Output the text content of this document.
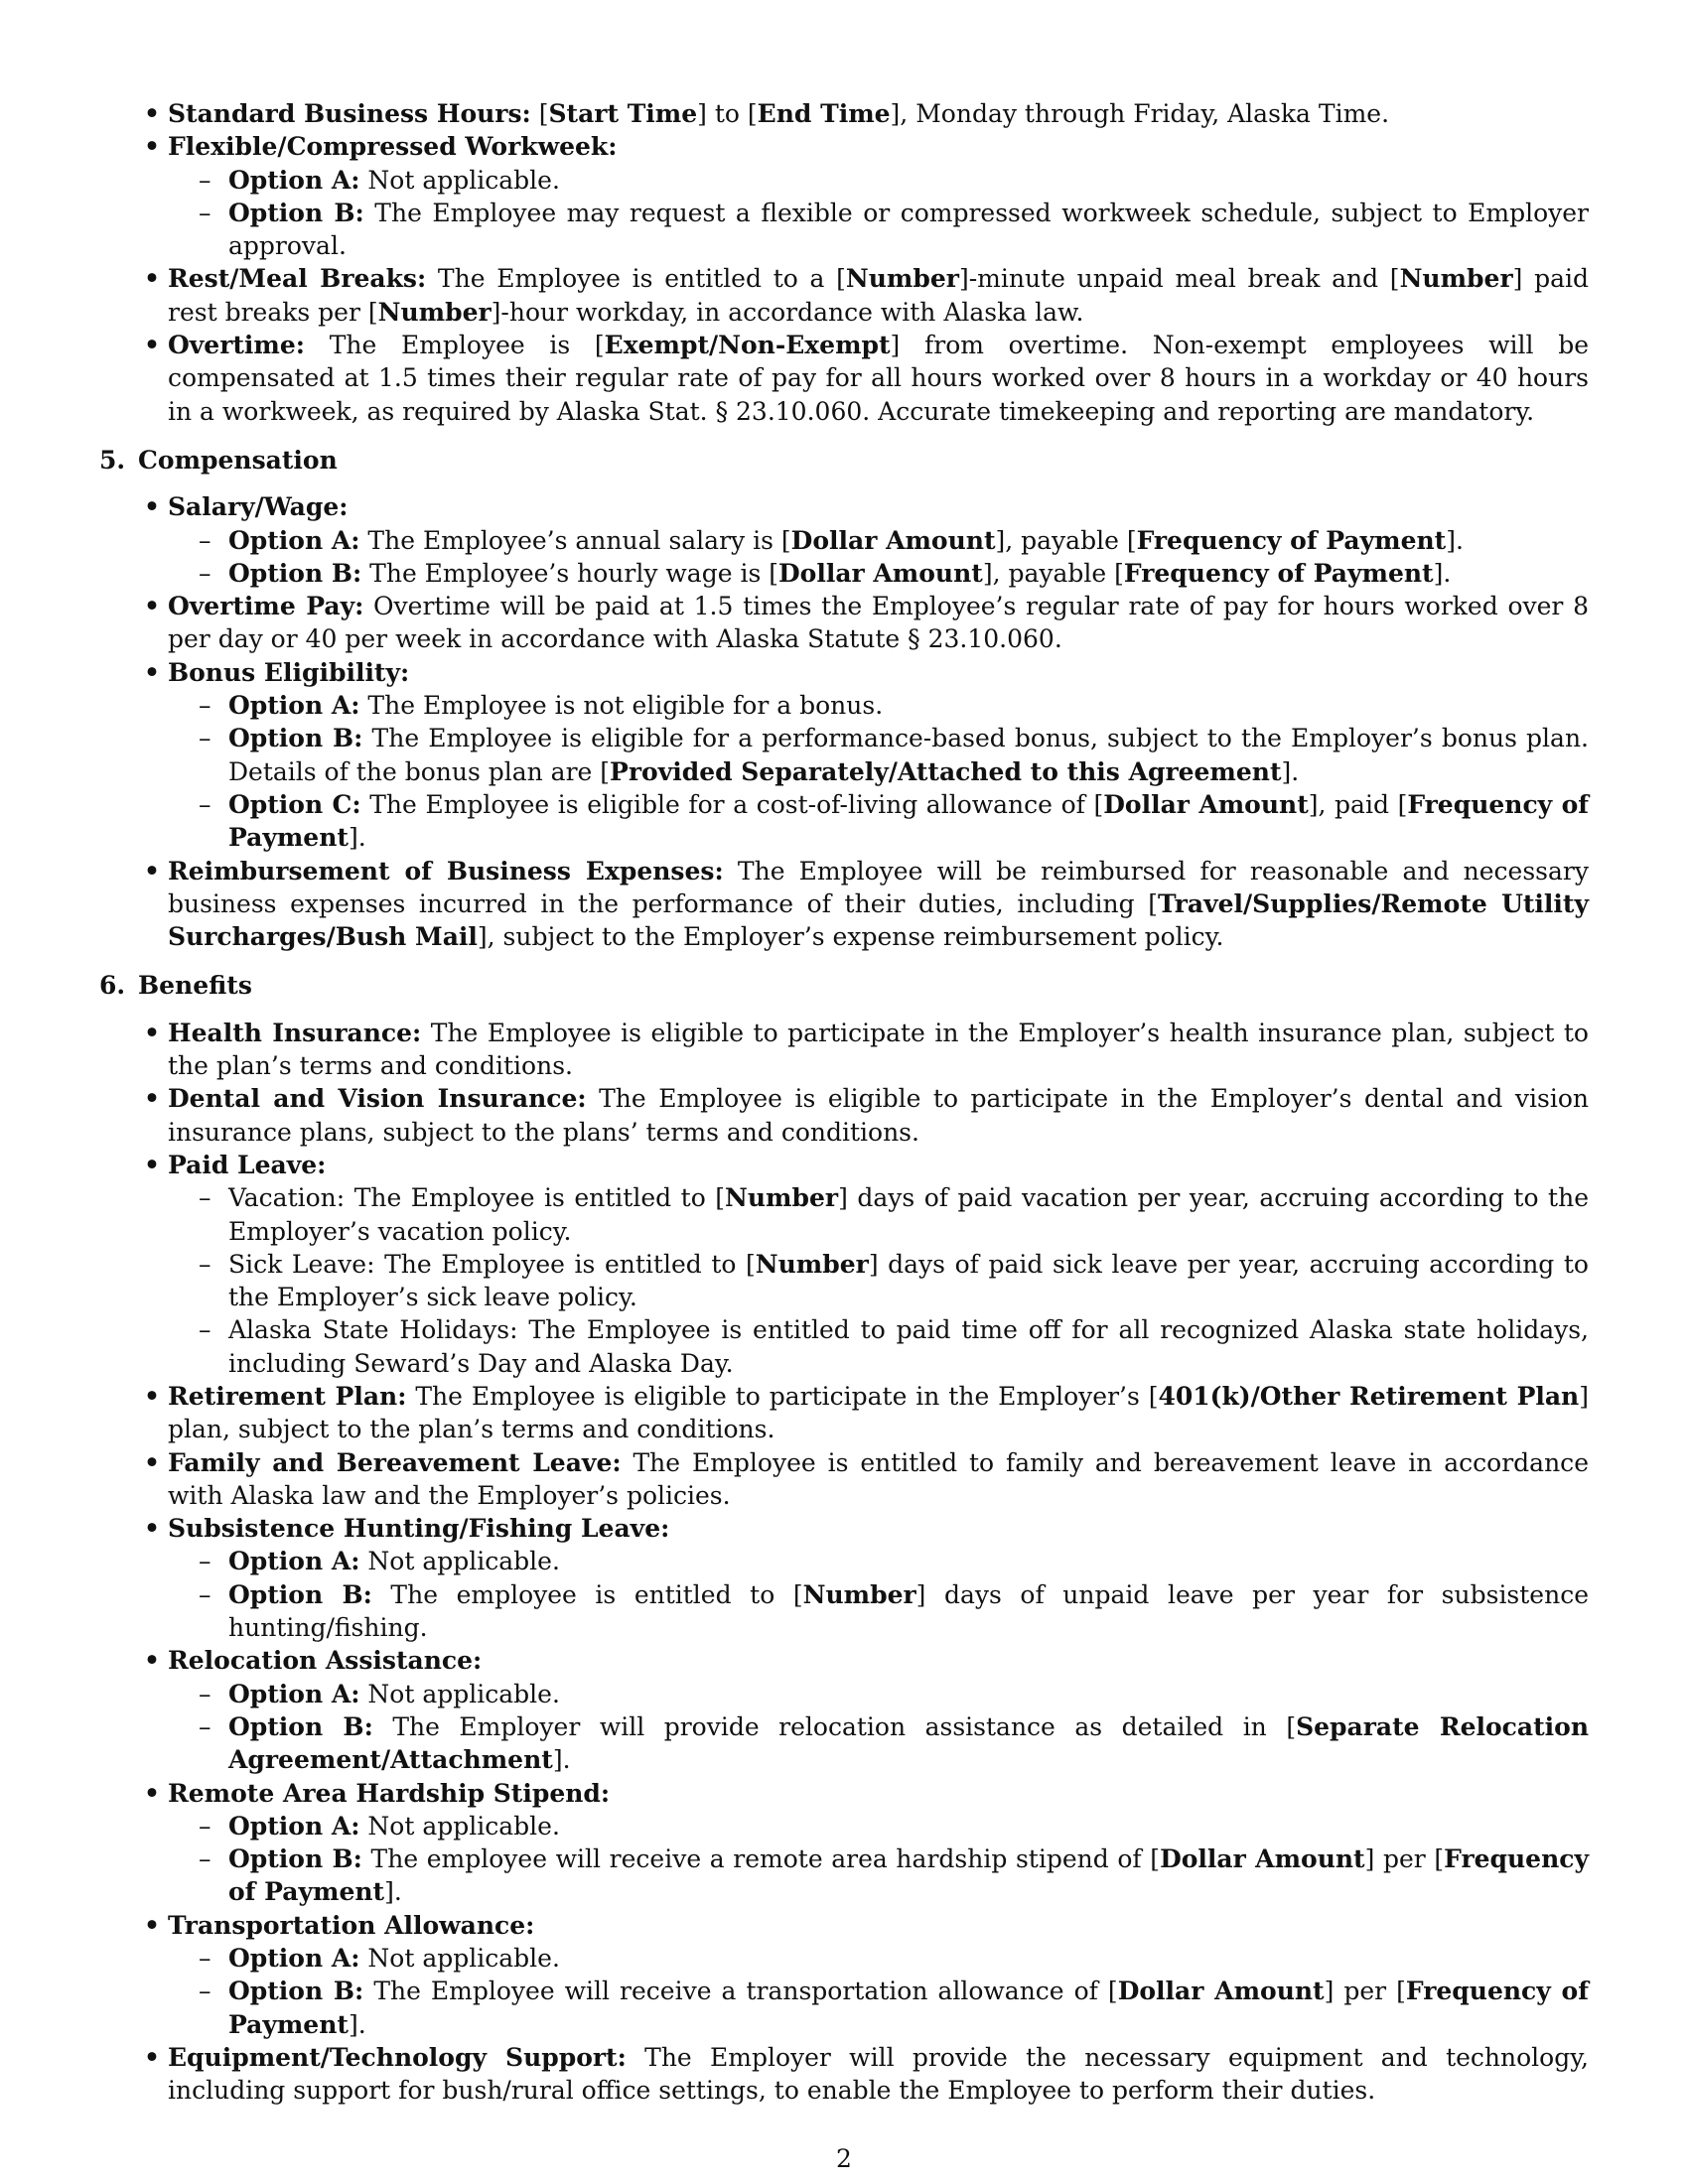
• Standard Business Hours: [Start Time] to [End Time], Monday through Friday, Alaska Time.
• Flexible/Compressed Workweek:
– Option A: Not applicable.
– Option B: The Employee may request a flexible or compressed workweek schedule, subject to Employer approval.
• Rest/Meal Breaks: The Employee is entitled to a [Number]-minute unpaid meal break and [Number] paid rest breaks per [Number]-hour workday, in accordance with Alaska law.
• Overtime: The Employee is [Exempt/Non-Exempt] from overtime. Non-exempt employees will be compensated at 1.5 times their regular rate of pay for all hours worked over 8 hours in a workday or 40 hours in a workweek, as required by Alaska Stat. § 23.10.060. Accurate timekeeping and reporting are mandatory.
5. Compensation
• Salary/Wage:
– Option A: The Employee’s annual salary is [Dollar Amount], payable [Frequency of Payment].
– Option B: The Employee’s hourly wage is [Dollar Amount], payable [Frequency of Payment].
• Overtime Pay: Overtime will be paid at 1.5 times the Employee’s regular rate of pay for hours worked over 8 per day or 40 per week in accordance with Alaska Statute § 23.10.060.
• Bonus Eligibility:
– Option A: The Employee is not eligible for a bonus.
– Option B: The Employee is eligible for a performance-based bonus, subject to the Employer’s bonus plan. Details of the bonus plan are [Provided Separately/Attached to this Agreement].
– Option C: The Employee is eligible for a cost-of-living allowance of [Dollar Amount], paid [Frequency of Payment].
• Reimbursement of Business Expenses: The Employee will be reimbursed for reasonable and necessary business expenses incurred in the performance of their duties, including [Travel/Supplies/Remote Utility Surcharges/Bush Mail], subject to the Employer’s expense reimbursement policy.
6. Benefits
• Health Insurance: The Employee is eligible to participate in the Employer’s health insurance plan, subject to the plan’s terms and conditions.
• Dental and Vision Insurance: The Employee is eligible to participate in the Employer’s dental and vision insurance plans, subject to the plans’ terms and conditions.
• Paid Leave:
– Vacation: The Employee is entitled to [Number] days of paid vacation per year, accruing according to the Employer’s vacation policy.
– Sick Leave: The Employee is entitled to [Number] days of paid sick leave per year, accruing according to the Employer’s sick leave policy.
– Alaska State Holidays: The Employee is entitled to paid time off for all recognized Alaska state holidays, including Seward’s Day and Alaska Day.
• Retirement Plan: The Employee is eligible to participate in the Employer’s [401(k)/Other Retirement Plan] plan, subject to the plan’s terms and conditions.
• Family and Bereavement Leave: The Employee is entitled to family and bereavement leave in accordance with Alaska law and the Employer’s policies.
• Subsistence Hunting/Fishing Leave:
– Option A: Not applicable.
– Option B: The employee is entitled to [Number] days of unpaid leave per year for subsistence hunting/fishing.
• Relocation Assistance:
– Option A: Not applicable.
– Option B: The Employer will provide relocation assistance as detailed in [Separate Relocation Agreement/Attachment].
• Remote Area Hardship Stipend:
– Option A: Not applicable.
– Option B: The employee will receive a remote area hardship stipend of [Dollar Amount] per [Frequency of Payment].
• Transportation Allowance:
– Option A: Not applicable.
– Option B: The Employee will receive a transportation allowance of [Dollar Amount] per [Frequency of Payment].
• Equipment/Technology Support: The Employer will provide the necessary equipment and technology, including support for bush/rural office settings, to enable the Employee to perform their duties.
2
